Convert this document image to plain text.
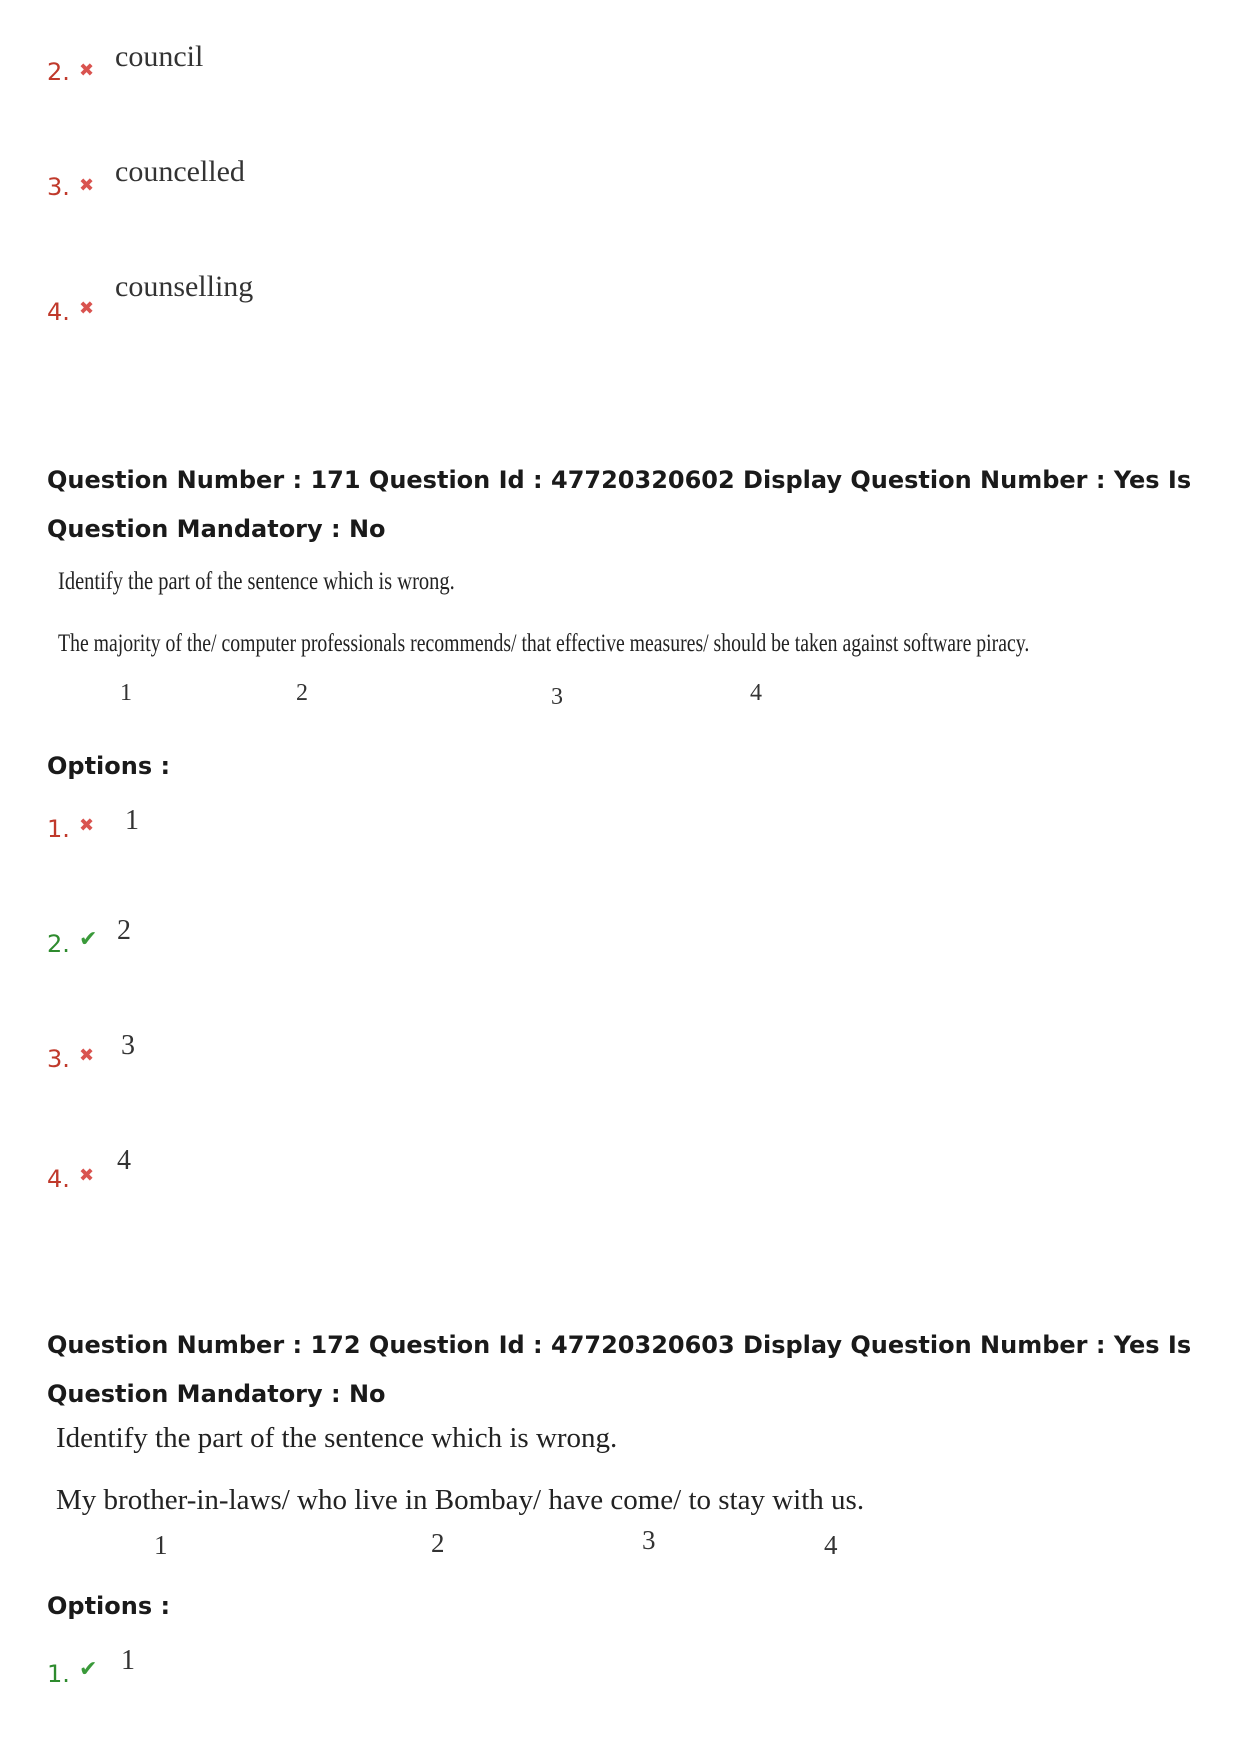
2. ✖ council
3. ✖ councelled
4. ✖
counselling
Question Number : 171 Question Id : 47720320602 Display Question Number : Yes Is Question Mandatory : No
Identify the part of the sentence which is wrong.
The majority of the/ computer professionals recommends/ that effective measures/ should be taken against software piracy.
1	2	3	4
Options :
1. ✖ 1
2. ✔ 2
3. ✖ 3
4. ✖ 4
Question Number : 172 Question Id : 47720320603 Display Question Number : Yes Is Question Mandatory : No
Identify the part of the sentence which is wrong.
My brother-in-laws/ who live in Bombay/ have come/ to stay with us.
1	2	3	4
Options :
1. ✔ 1
